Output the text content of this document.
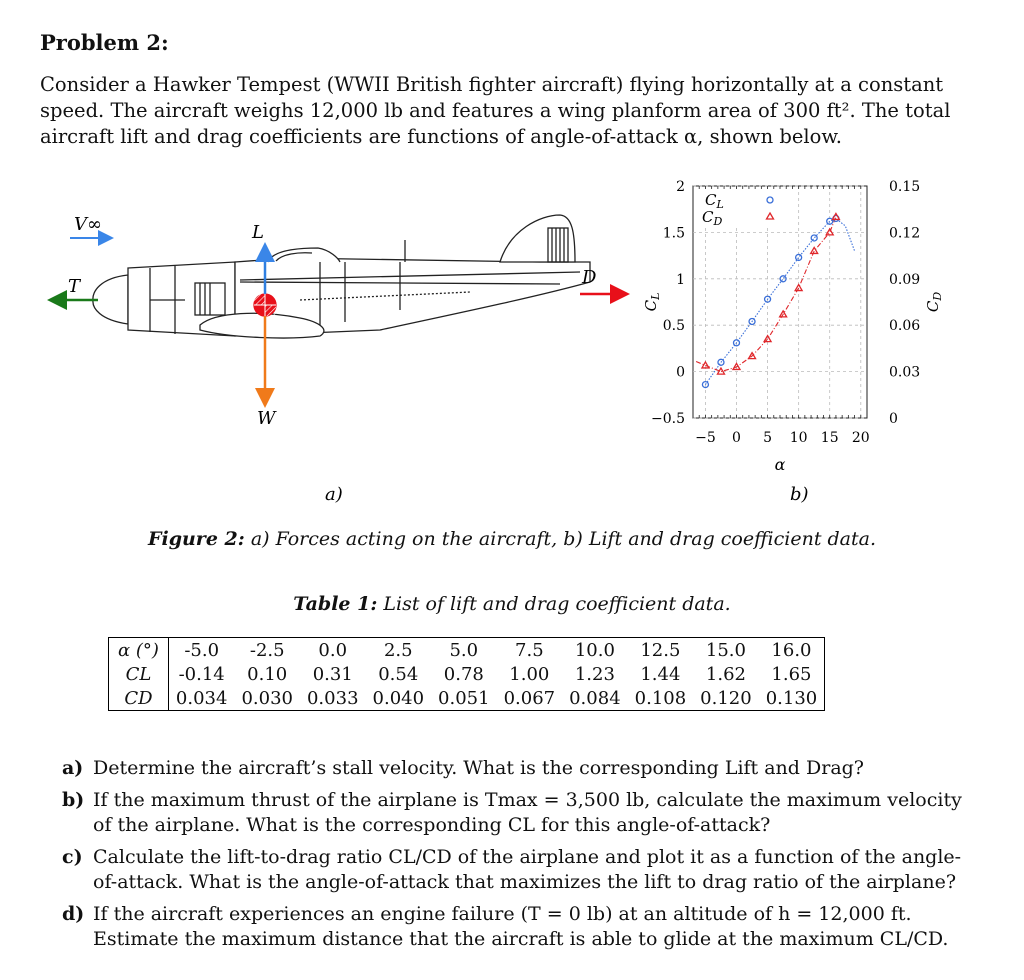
Problem 2:
Consider a Hawker Tempest (WWII British fighter aircraft) flying horizontally at a constant speed. The aircraft weighs 12,000 lb and features a wing planform area of 300 ft². The total aircraft lift and drag coefficients are functions of angle-of-attack α, shown below.
V∞
T
L
D
W
a)	b)
−5 0 5 10 15 20
−0.5
0
0.5
1
1.5
2
0
0.03
0.06
0.09
0.12
0.15
$C_L$
$C_D$
$C_L$
$C_D$
α
Figure 2: a) Forces acting on the aircraft, b) Lift and drag coefficient data.
Table 1: List of lift and drag coefficient data.
α (°)	-5.0	-2.5	0.0	2.5	5.0	7.5	10.0	12.5	15.0	16.0
CL	-0.14	0.10	0.31	0.54	0.78	1.00	1.23	1.44	1.62	1.65
CD	0.034	0.030	0.033	0.040	0.051	0.067	0.084	0.108	0.120	0.130
a) Determine the aircraft’s stall velocity. What is the corresponding Lift and Drag?
b) If the maximum thrust of the airplane is Tmax = 3,500 lb, calculate the maximum velocity of the airplane. What is the corresponding CL for this angle-of-attack?
c) Calculate the lift-to-drag ratio CL/CD of the airplane and plot it as a function of the angle-of-attack. What is the angle-of-attack that maximizes the lift to drag ratio of the airplane?
d) If the aircraft experiences an engine failure (T = 0 lb) at an altitude of h = 12,000 ft. Estimate the maximum distance that the aircraft is able to glide at the maximum CL/CD.
